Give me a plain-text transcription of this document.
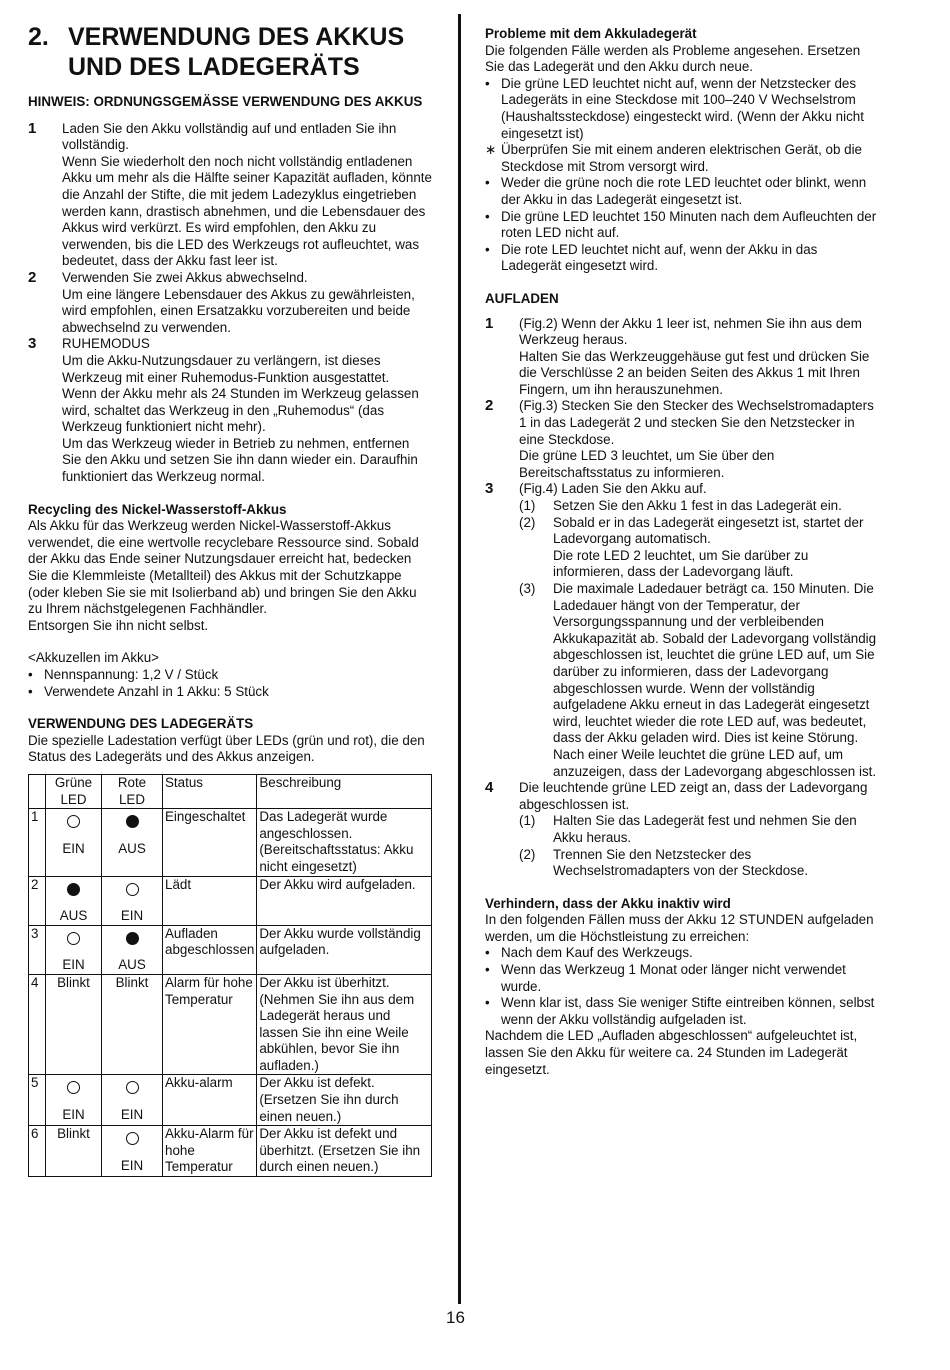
2. VERWENDUNG DES AKKUS
UND DES LADEGERÄTS

HINWEIS: ORDNUNGSGEMÄSSE VERWENDUNG DES AKKUS

1	Laden Sie den Akku vollständig auf und entladen Sie ihn vollständig.

Wenn Sie wiederholt den noch nicht vollständig entladenen Akku um mehr als die Hälfte seiner Kapazität aufladen, könnte die Anzahl der Stifte, die mit jedem Ladezyklus eingetrieben werden kann, drastisch abnehmen, und die Lebensdauer des Akkus wird verkürzt. Es wird empfohlen, den Akku zu verwenden, bis die LED des Werkzeugs rot aufleuchtet, was bedeutet, dass der Akku fast leer ist.

2	Verwenden Sie zwei Akkus abwechselnd.

Um eine längere Lebensdauer des Akkus zu gewährleisten, wird empfohlen, einen Ersatzakku vorzubereiten und beide abwechselnd zu verwenden.

3	RUHEMODUS

Um die Akku-Nutzungsdauer zu verlängern, ist dieses Werkzeug mit einer Ruhemodus-Funktion ausgestattet.

Wenn der Akku mehr als 24 Stunden im Werkzeug gelassen wird, schaltet das Werkzeug in den „Ruhemodus“ (das Werkzeug funktioniert nicht mehr).

Um das Werkzeug wieder in Betrieb zu nehmen, entfernen Sie den Akku und setzen Sie ihn dann wieder ein. Daraufhin funktioniert das Werkzeug normal.

Recycling des Nickel-Wasserstoff-Akkus

Als Akku für das Werkzeug werden Nickel-Wasserstoff-Akkus verwendet, die eine wertvolle recyclebare Ressource sind. Sobald der Akku das Ende seiner Nutzungsdauer erreicht hat, bedecken Sie die Klemmleiste (Metallteil) des Akkus mit der Schutzkappe (oder kleben Sie sie mit Isolierband ab) und bringen Sie den Akku zu Ihrem nächstgelegenen Fachhändler.

Entsorgen Sie ihn nicht selbst.

<Akkuzellen im Akku>

• Nennspannung: 1,2 V / Stück
• Verwendete Anzahl in 1 Akku: 5 Stück

VERWENDUNG DES LADEGERÄTS

Die spezielle Ladestation verfügt über LEDs (grün und rot), die den Status des Ladegeräts und des Akkus anzeigen.

	Grüne LED	Rote LED	Status	Beschreibung
1	EIN	AUS	Eingeschaltet	Das Ladegerät wurde angeschlossen. (Bereitschaftsstatus: Akku nicht eingesetzt)
2	AUS	EIN	Lädt	Der Akku wird aufgeladen.
3	EIN	AUS	Aufladen abgeschlossen	Der Akku wurde vollständig aufgeladen.
4	Blinkt	Blinkt	Alarm für hohe Temperatur	Der Akku ist überhitzt. (Nehmen Sie ihn aus dem Ladegerät heraus und lassen Sie ihn eine Weile abkühlen, bevor Sie ihn aufladen.)
5	EIN	EIN	Akku-alarm	Der Akku ist defekt. (Ersetzen Sie ihn durch einen neuen.)
6	Blinkt	EIN	Akku-Alarm für hohe Temperatur	Der Akku ist defekt und überhitzt. (Ersetzen Sie ihn durch einen neuen.)

Probleme mit dem Akkuladegerät

Die folgenden Fälle werden als Probleme angesehen. Ersetzen Sie das Ladegerät und den Akku durch neue.

• Die grüne LED leuchtet nicht auf, wenn der Netzstecker des Ladegeräts in eine Steckdose mit 100–240 V Wechselstrom (Haushaltssteckdose) eingesteckt wird. (Wenn der Akku nicht eingesetzt ist)
∗ Überprüfen Sie mit einem anderen elektrischen Gerät, ob die Steckdose mit Strom versorgt wird.
• Weder die grüne noch die rote LED leuchtet oder blinkt, wenn der Akku in das Ladegerät eingesetzt ist.
• Die grüne LED leuchtet 150 Minuten nach dem Aufleuchten der roten LED nicht auf.
• Die rote LED leuchtet nicht auf, wenn der Akku in das Ladegerät eingesetzt wird.

AUFLADEN

1	(Fig.2) Wenn der Akku 1 leer ist, nehmen Sie ihn aus dem Werkzeug heraus.

Halten Sie das Werkzeuggehäuse gut fest und drücken Sie die Verschlüsse 2 an beiden Seiten des Akkus 1 mit Ihren Fingern, um ihn herauszunehmen.

2	(Fig.3) Stecken Sie den Stecker des Wechselstromadapters 1 in das Ladegerät 2 und stecken Sie den Netzstecker in eine Steckdose.

Die grüne LED 3 leuchtet, um Sie über den Bereitschaftsstatus zu informieren.

3	(Fig.4) Laden Sie den Akku auf.

(1)	Setzen Sie den Akku 1 fest in das Ladegerät ein.

(2)	Sobald er in das Ladegerät eingesetzt ist, startet der Ladevorgang automatisch.

Die rote LED 2 leuchtet, um Sie darüber zu informieren, dass der Ladevorgang läuft.

(3)	Die maximale Ladedauer beträgt ca. 150 Minuten. Die Ladedauer hängt von der Temperatur, der Versorgungsspannung und der verbleibenden Akkukapazität ab. Sobald der Ladevorgang vollständig abgeschlossen ist, leuchtet die grüne LED auf, um Sie darüber zu informieren, dass der Ladevorgang abgeschlossen wurde. Wenn der vollständig aufgeladene Akku erneut in das Ladegerät eingesetzt wird, leuchtet wieder die rote LED auf, was bedeutet, dass der Akku geladen wird. Dies ist keine Störung.

Nach einer Weile leuchtet die grüne LED auf, um anzuzeigen, dass der Ladevorgang abgeschlossen ist.

4	Die leuchtende grüne LED zeigt an, dass der Ladevorgang abgeschlossen ist.

(1)	Halten Sie das Ladegerät fest und nehmen Sie den Akku heraus.

(2)	Trennen Sie den Netzstecker des Wechselstromadapters von der Steckdose.

Verhindern, dass der Akku inaktiv wird

In den folgenden Fällen muss der Akku 12 STUNDEN aufgeladen werden, um die Höchstleistung zu erreichen:

• Nach dem Kauf des Werkzeugs.
• Wenn das Werkzeug 1 Monat oder länger nicht verwendet wurde.
• Wenn klar ist, dass Sie weniger Stifte eintreiben können, selbst wenn der Akku vollständig aufgeladen ist.

Nachdem die LED „Aufladen abgeschlossen“ aufgeleuchtet ist, lassen Sie den Akku für weitere ca. 24 Stunden im Ladegerät eingesetzt.

16
